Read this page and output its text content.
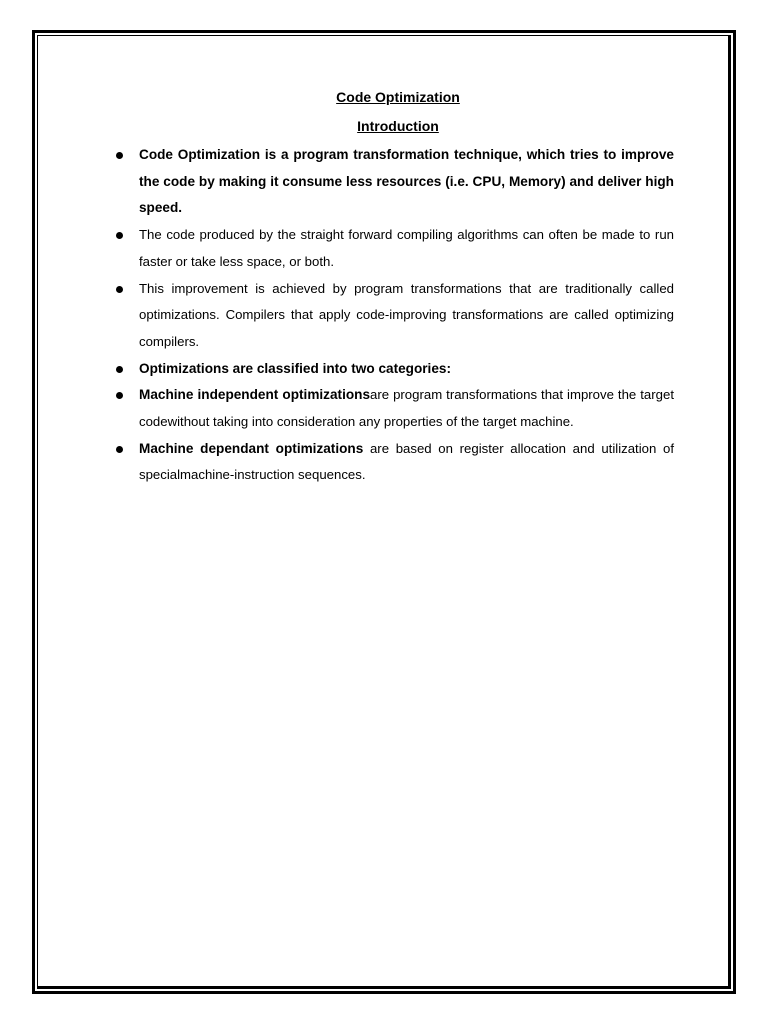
Code Optimization

Introduction

Code Optimization is a program transformation technique, which tries to improve the code by making it consume less resources (i.e. CPU, Memory) and deliver high speed.
The code produced by the straight forward compiling algorithms can often be made to run faster or take less space, or both.
This improvement is achieved by program transformations that are traditionally called optimizations. Compilers that apply code-improving transformations are called optimizing compilers.
Optimizations are classified into two categories:
Machine independent optimizationsare program transformations that improve the target codewithout taking into consideration any properties of the target machine.
Machine dependant optimizations are based on register allocation and utilization of specialmachine-instruction sequences.
